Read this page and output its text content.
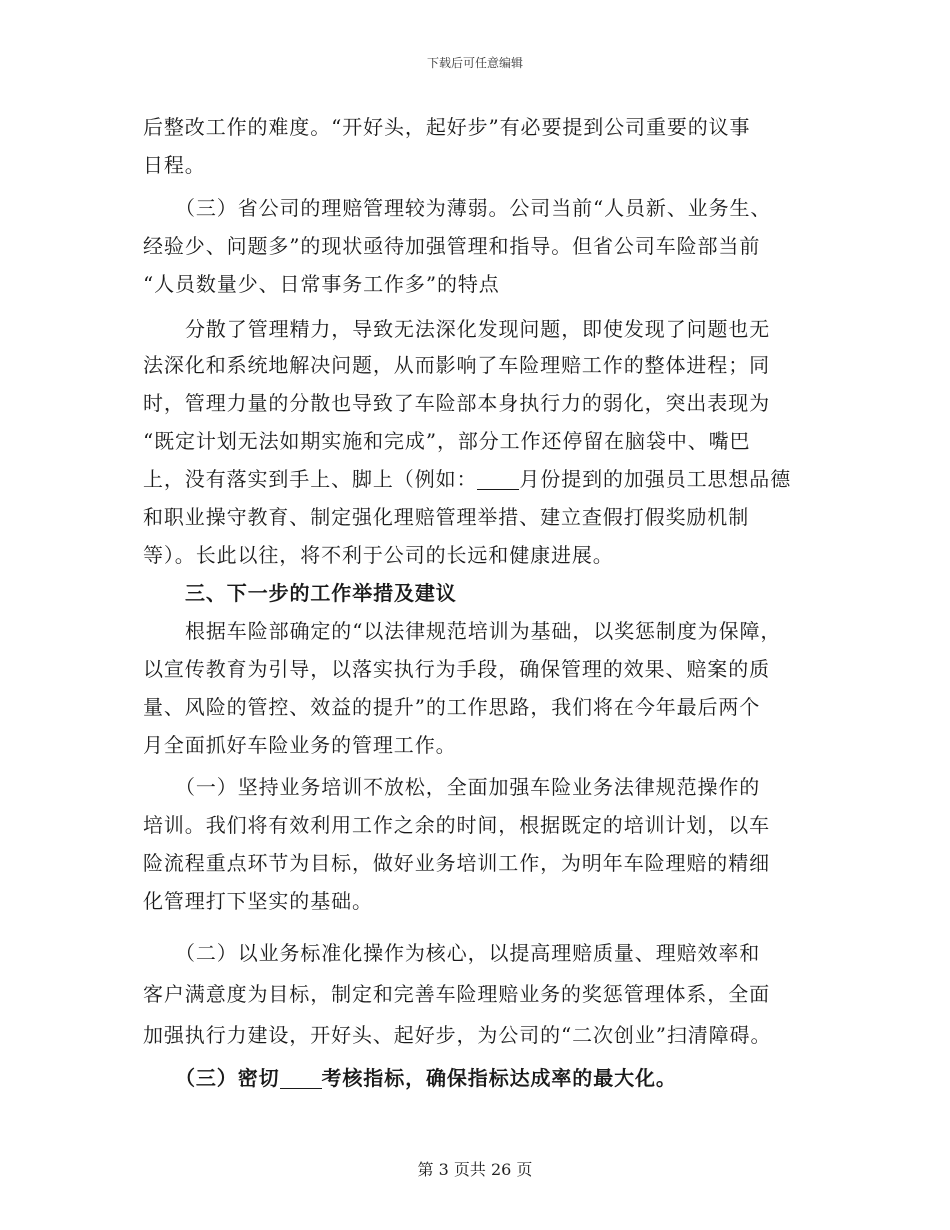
下载后可任意编辑
后整改工作的难度。“开好头，起好步”有必要提到公司重要的议事
日程。
（三）省公司的理赔管理较为薄弱。公司当前“人员新、业务生、
经验少、问题多”的现状亟待加强管理和指导。但省公司车险部当前
“人员数量少、日常事务工作多”的特点
分散了管理精力，导致无法深化发现问题，即使发现了问题也无
法深化和系统地解决问题，从而影响了车险理赔工作的整体进程；同
时，管理力量的分散也导致了车险部本身执行力的弱化，突出表现为
“既定计划无法如期实施和完成”，部分工作还停留在脑袋中、嘴巴
上，没有落实到手上、脚上（例如： 月份提到的加强员工思想品德
和职业操守教育、制定强化理赔管理举措、建立查假打假奖励机制
等）。长此以往，将不利于公司的长远和健康进展。
三、下一步的工作举措及建议
根据车险部确定的“以法律规范培训为基础，以奖惩制度为保障，
以宣传教育为引导，以落实执行为手段，确保管理的效果、赔案的质
量、风险的管控、效益的提升”的工作思路，我们将在今年最后两个
月全面抓好车险业务的管理工作。
（一）坚持业务培训不放松，全面加强车险业务法律规范操作的
培训。我们将有效利用工作之余的时间，根据既定的培训计划，以车
险流程重点环节为目标，做好业务培训工作，为明年车险理赔的精细
化管理打下坚实的基础。
（二）以业务标准化操作为核心，以提高理赔质量、理赔效率和
客户满意度为目标，制定和完善车险理赔业务的奖惩管理体系，全面
加强执行力建设，开好头、起好步，为公司的“二次创业”扫清障碍。
（三）密切 考核指标，确保指标达成率的最大化。
第 3 页共 26 页
